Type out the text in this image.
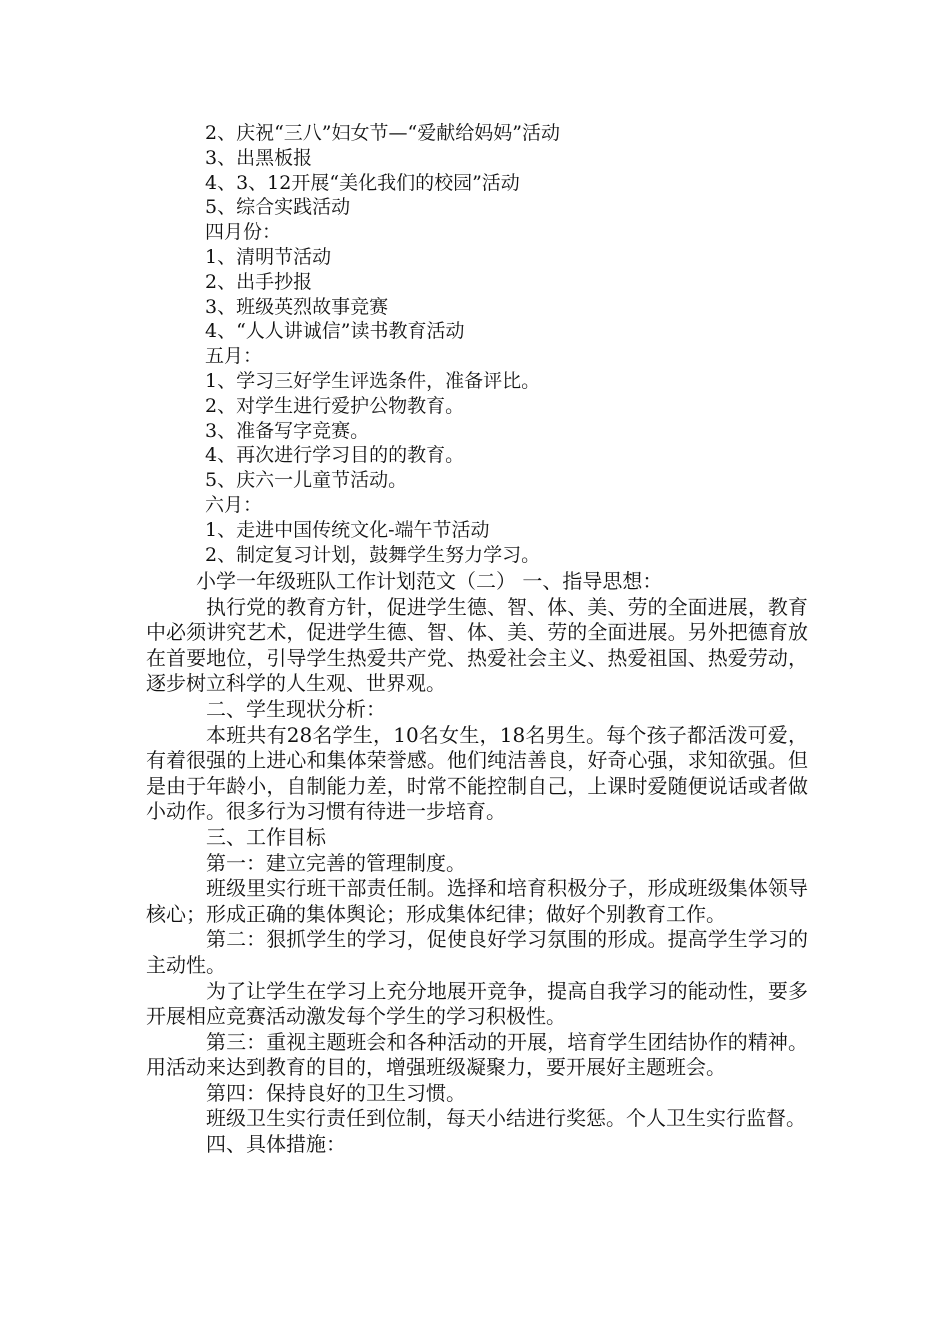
2、庆祝“三八”妇女节—“爱献给妈妈”活动
3、出黑板报
4、3、12开展“美化我们的校园”活动
5、综合实践活动
四月份：
1、清明节活动
2、出手抄报
3、班级英烈故事竞赛
4、“人人讲诚信”读书教育活动
五月：
1、学习三好学生评选条件，准备评比。
2、对学生进行爱护公物教育。
3、准备写字竞赛。
4、再次进行学习目的的教育。
5、庆六一儿童节活动。
六月：
1、走进中国传统文化-端午节活动
2、制定复习计划，鼓舞学生努力学习。

小学一年级班队工作计划范文（二） 一、指导思想：

执行党的教育方针，促进学生德、智、体、美、劳的全面进展，教育中必须讲究艺术，促进学生德、智、体、美、劳的全面进展。另外把德育放在首要地位，引导学生热爱共产党、热爱社会主义、热爱祖国、热爱劳动，逐步树立科学的人生观、世界观。

二、学生现状分析：

本班共有28名学生，10名女生，18名男生。每个孩子都活泼可爱，有着很强的上进心和集体荣誉感。他们纯洁善良，好奇心强，求知欲强。但是由于年龄小，自制能力差，时常不能控制自己，上课时爱随便说话或者做小动作。很多行为习惯有待进一步培育。

三、工作目标

第一：建立完善的管理制度。

班级里实行班干部责任制。选择和培育积极分子，形成班级集体领导核心；形成正确的集体舆论；形成集体纪律；做好个别教育工作。

第二：狠抓学生的学习，促使良好学习氛围的形成。提高学生学习的主动性。

为了让学生在学习上充分地展开竞争，提高自我学习的能动性，要多开展相应竞赛活动激发每个学生的学习积极性。

第三：重视主题班会和各种活动的开展，培育学生团结协作的精神。用活动来达到教育的目的，增强班级凝聚力，要开展好主题班会。

第四：保持良好的卫生习惯。

班级卫生实行责任到位制，每天小结进行奖惩。个人卫生实行监督。

四、具体措施：
